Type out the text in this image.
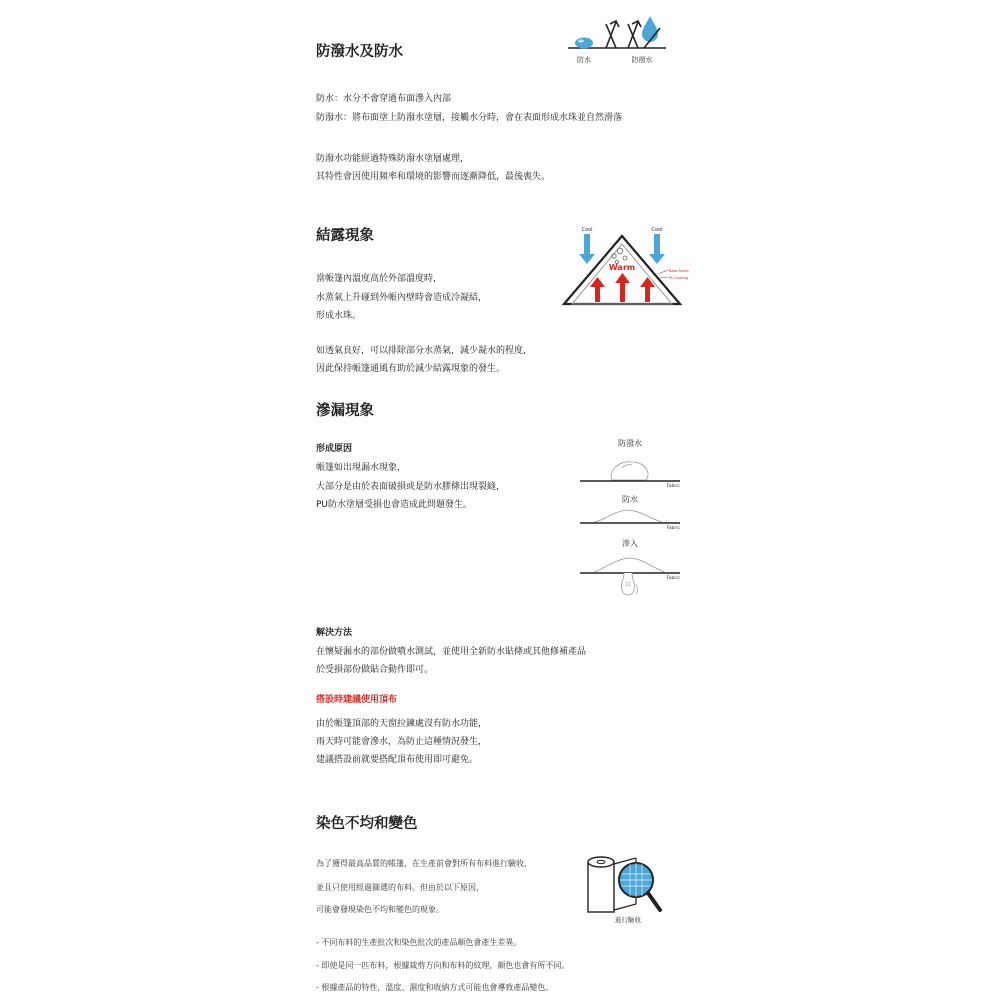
防潑水及防水
防水：水分不會穿過布面滲入內部
防潑水：將布面塗上防潑水塗層，接觸水分時，會在表面形成水珠並自然滑落
防潑水功能經過特殊防潑水塗層處理，
其特性會因使用頻率和環境的影響而逐漸降低，最後喪失。
防水	防潑水
結露現象
當帳篷內溫度高於外部溫度時，
水蒸氣上升碰到外帳內壁時會造成冷凝結，
形成水珠。
如透氣良好，可以排除部分水蒸氣，減少凝水的程度，
因此保持帳篷通風有助於減少結露現象的發生。
Cool	Cool
Warm	Base Fabric
PU Coating
滲漏現象
形成原因
帳篷如出現漏水現象，
大部分是由於表面破損或是防水膠條出現裂縫，
PU防水塗層受損也會造成此問題發生。
防潑水
Fabric
防水
Fabric
滲入
Fabric
解決方法
在懷疑漏水的部份做噴水測試，並使用全新防水貼條或其他修補產品
於受損部份做貼合動作即可。
搭設時建議使用頂布
由於帳篷頂部的天窗拉鍊處沒有防水功能，
雨天時可能會滲水，為防止這種情況發生，
建議搭設前就要搭配頂布使用即可避免。
染色不均和變色
為了獲得最高品質的帳篷，在生產前會對所有布料進行驗收，
並且只使用經過篩選的布料。但由於以下原因，
可能會發現染色不均和變色的現象。
進行驗收
- 不同布料的生產批次和染色批次的產品顏色會產生差異。
- 即使是同一匹布料，根據裁剪方向和布料的紋理，顏色也會有所不同。
- 根據產品的特性，溫度、濕度和收納方式可能也會導致產品變色。
